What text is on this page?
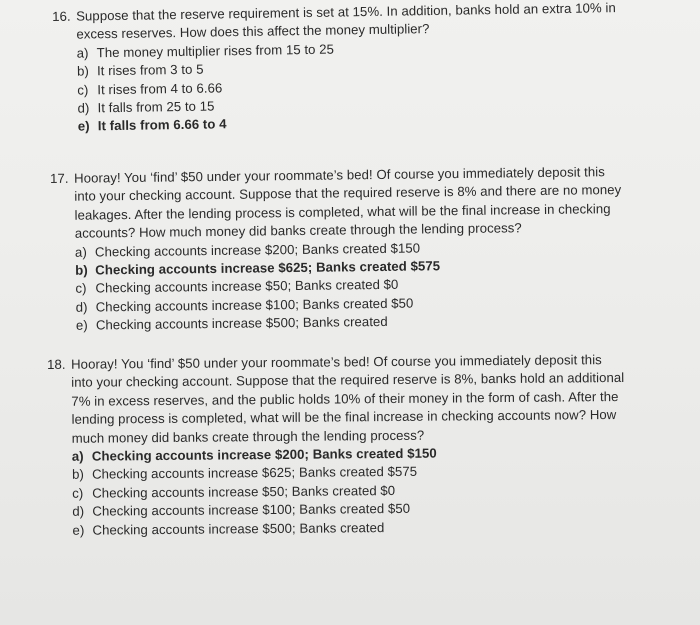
16. Suppose that the reserve requirement is set at 15%. In addition, banks hold an extra 10% in
excess reserves. How does this affect the money multiplier?
a) The money multiplier rises from 15 to 25
b) It rises from 3 to 5
c) It rises from 4 to 6.66
d) It falls from 25 to 15
e) It falls from 6.66 to 4
17. Hooray! You ‘find’ $50 under your roommate’s bed! Of course you immediately deposit this
into your checking account. Suppose that the required reserve is 8% and there are no money
leakages. After the lending process is completed, what will be the final increase in checking
accounts? How much money did banks create through the lending process?
a) Checking accounts increase $200; Banks created $150
b) Checking accounts increase $625; Banks created $575
c) Checking accounts increase $50; Banks created $0
d) Checking accounts increase $100; Banks created $50
e) Checking accounts increase $500; Banks created
18. Hooray! You ‘find’ $50 under your roommate’s bed! Of course you immediately deposit this
into your checking account. Suppose that the required reserve is 8%, banks hold an additional
7% in excess reserves, and the public holds 10% of their money in the form of cash. After the
lending process is completed, what will be the final increase in checking accounts now? How
much money did banks create through the lending process?
a) Checking accounts increase $200; Banks created $150
b) Checking accounts increase $625; Banks created $575
c) Checking accounts increase $50; Banks created $0
d) Checking accounts increase $100; Banks created $50
e) Checking accounts increase $500; Banks created
